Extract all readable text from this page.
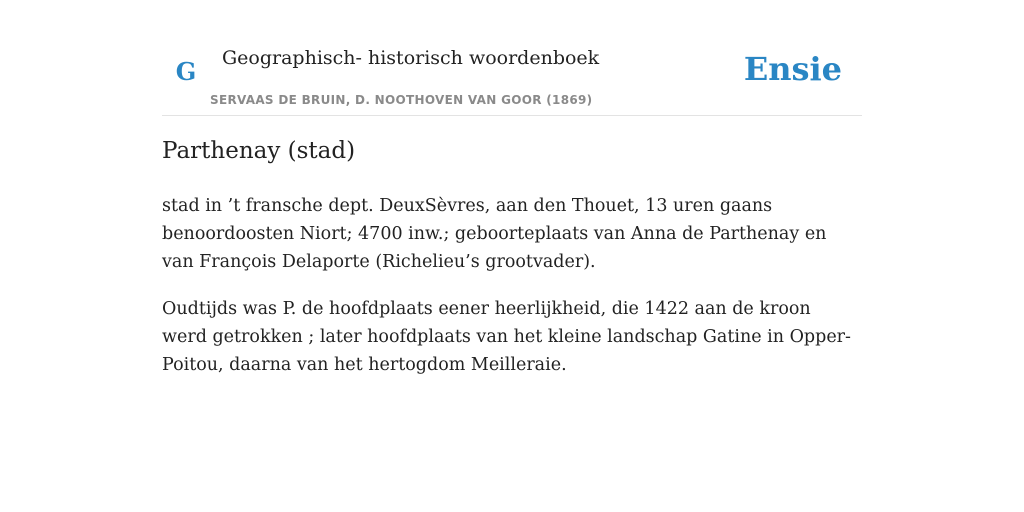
G	Geographisch- historisch woordenboek
SERVAAS DE BRUIN, D. NOOTHOVEN VAN GOOR (1869)
Ensie
Parthenay (stad)

stad in ’t fransche dept. DeuxSèvres, aan den Thouet, 13 uren gaans benoordoosten Niort; 4700 inw.; geboorteplaats van Anna de Parthenay en van François Delaporte (Richelieu’s grootvader).

Oudtijds was P. de hoofdplaats eener heerlijkheid, die 1422 aan de kroon werd getrokken ; later hoofdplaats van het kleine landschap Gatine in Opper-Poitou, daarna van het hertogdom Meilleraie.
